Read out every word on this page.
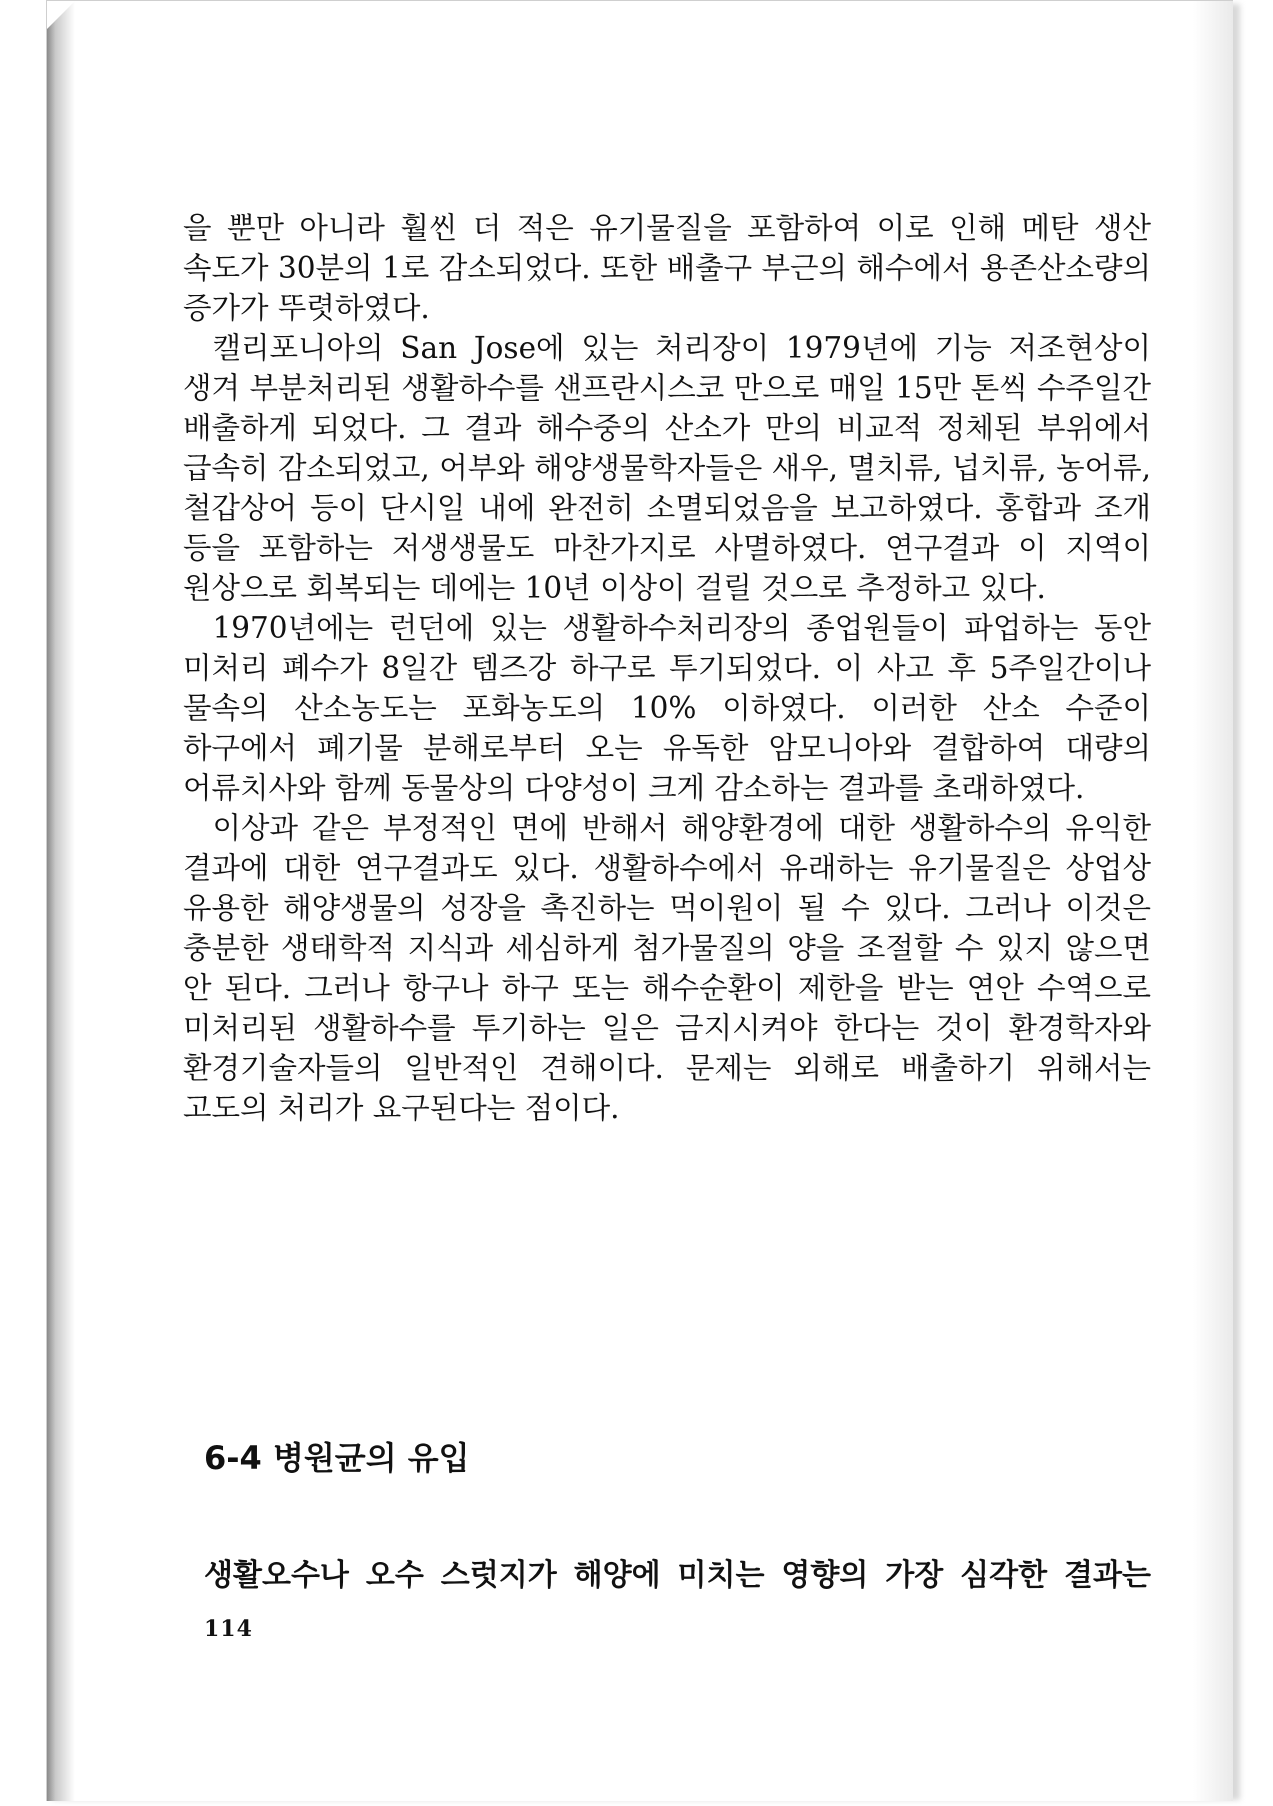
을 뿐만 아니라 훨씬 더 적은 유기물질을 포함하여 이로 인해 메탄 생산 속도가 30분의 1로 감소되었다. 또한 배출구 부근의 해수에서 용존산소량의 증가가 뚜렷하였다.

캘리포니아의 San Jose에 있는 처리장이 1979년에 기능 저조현상이 생겨 부분처리된 생활하수를 샌프란시스코 만으로 매일 15만 톤씩 수주일간 배출하게 되었다. 그 결과 해수중의 산소가 만의 비교적 정체된 부위에서 급속히 감소되었고, 어부와 해양생물학자들은 새우, 멸치류, 넙치류, 농어류, 철갑상어 등이 단시일 내에 완전히 소멸되었음을 보고하였다. 홍합과 조개 등을 포함하는 저생생물도 마찬가지로 사멸하였다. 연구결과 이 지역이 원상으로 회복되는 데에는 10년 이상이 걸릴 것으로 추정하고 있다.

1970년에는 런던에 있는 생활하수처리장의 종업원들이 파업하는 동안 미처리 폐수가 8일간 템즈강 하구로 투기되었다. 이 사고 후 5주일간이나 물속의 산소농도는 포화농도의 10% 이하였다. 이러한 산소 수준이 하구에서 폐기물 분해로부터 오는 유독한 암모니아와 결합하여 대량의 어류치사와 함께 동물상의 다양성이 크게 감소하는 결과를 초래하였다.

이상과 같은 부정적인 면에 반해서 해양환경에 대한 생활하수의 유익한 결과에 대한 연구결과도 있다. 생활하수에서 유래하는 유기물질은 상업상 유용한 해양생물의 성장을 촉진하는 먹이원이 될 수 있다. 그러나 이것은 충분한 생태학적 지식과 세심하게 첨가물질의 양을 조절할 수 있지 않으면 안 된다. 그러나 항구나 하구 또는 해수순환이 제한을 받는 연안 수역으로 미처리된 생활하수를 투기하는 일은 금지시켜야 한다는 것이 환경학자와 환경기술자들의 일반적인 견해이다. 문제는 외해로 배출하기 위해서는 고도의 처리가 요구된다는 점이다.

6-4 병원균의 유입

생활오수나 오수 스럿지가 해양에 미치는 영향의 가장 심각한 결과는

114
